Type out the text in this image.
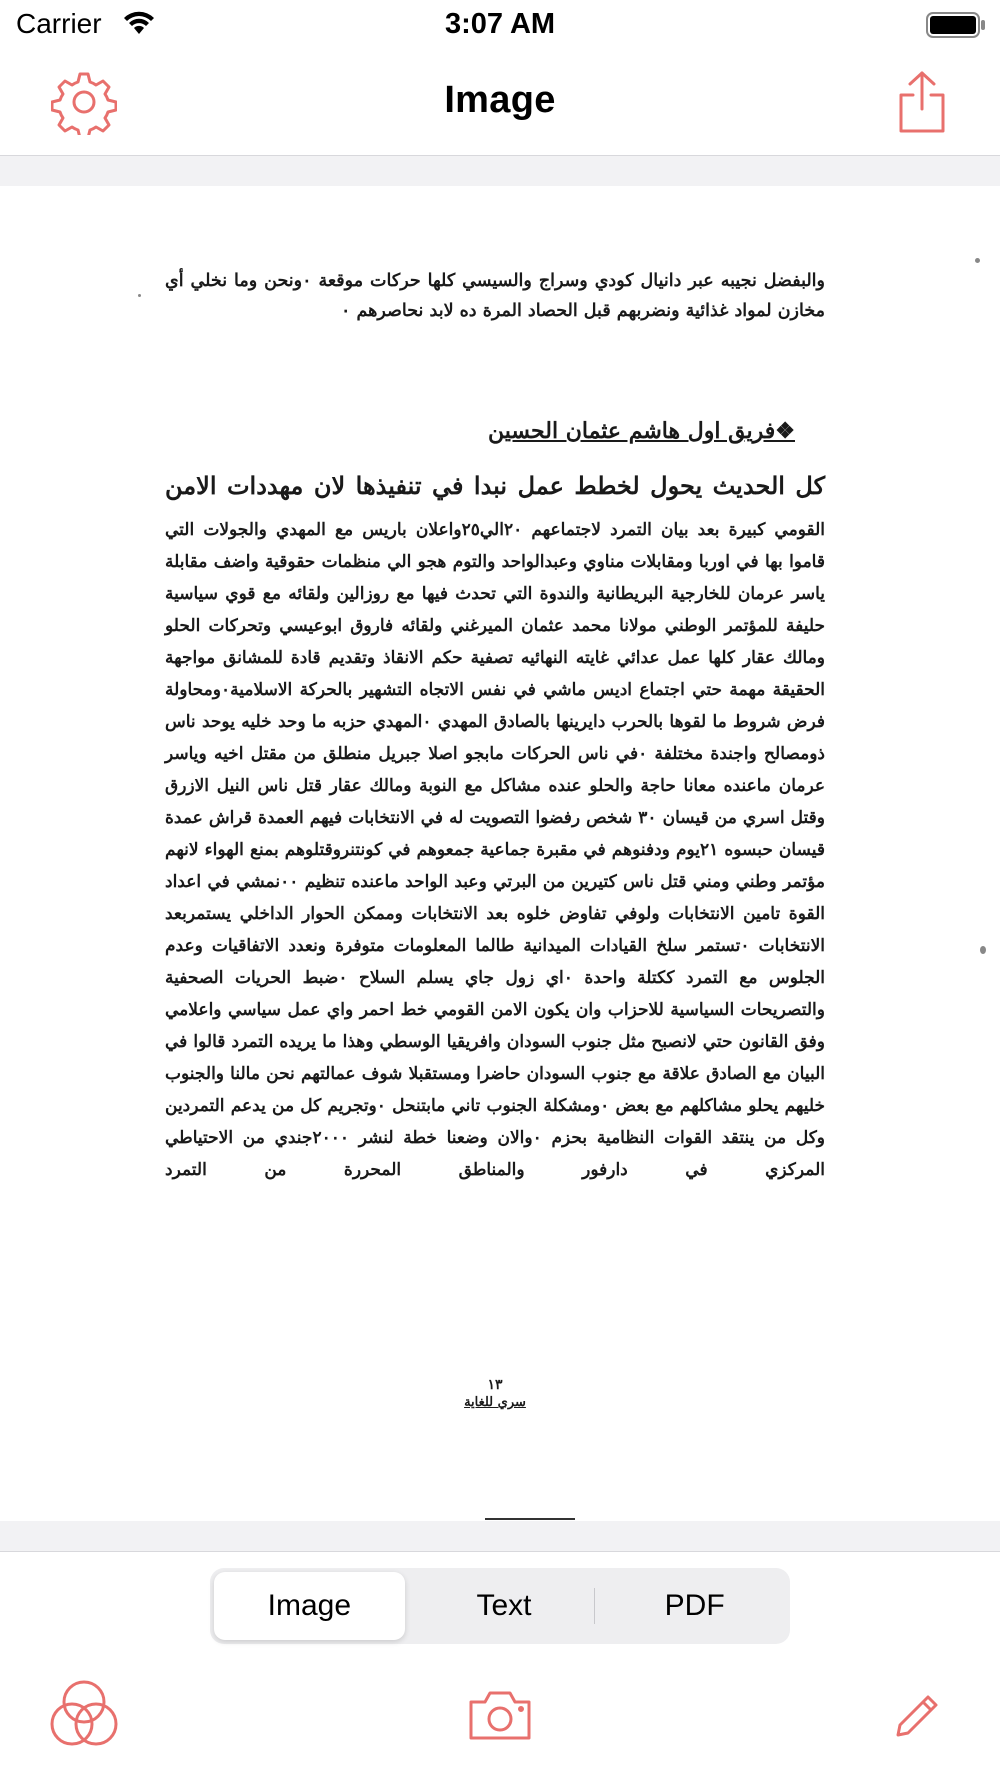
Carrier	3:07 AM
Image
والبفضل نجيبه عبر دانيال كودي وسراج والسيسي كلها حركات موقعة ٠ونحن وما نخلي أي مخازن لمواد غذائية ونضربهم قبل الحصاد المرة ده لابد نحاصرهم ٠
❖فريق اول هاشم عثمان الحسين
كل الحديث يحول لخطط عمل نبدا في تنفيذها لان مهددات الامن
القومي كبيرة بعد بيان التمرد لاجتماعهم ٢٠الي٢٥واعلان باريس مع المهدي والجولات التي قاموا بها في اوربا ومقابلات مناوي وعبدالواحد والتوم هجو الي منظمات حقوقية واضف مقابلة ياسر عرمان للخارجية البريطانية والندوة التي تحدث فيها مع روزالين ولقائه مع قوي سياسية حليفة للمؤتمر الوطني مولانا محمد عثمان الميرغني ولقائه فاروق ابوعيسي وتحركات الحلو ومالك عقار كلها عمل عدائي غايته النهائيه تصفية حكم الانقاذ وتقديم قادة للمشانق مواجهة الحقيقة مهمة حتي اجتماع اديس ماشي في نفس الاتجاه التشهير بالحركة الاسلامية٠ومحاولة فرض شروط ما لقوها بالحرب دايرينها بالصادق المهدي ٠المهدي حزبه ما وحد خليه يوحد ناس ذومصالح واجندة مختلفة ٠في ناس الحركات مابجو اصلا جبريل منطلق من مقتل اخيه وياسر عرمان ماعنده معانا حاجة والحلو عنده مشاكل مع النوبة ومالك عقار قتل ناس النيل الازرق وقتل اسري من قيسان ٣٠ شخص رفضوا التصويت له في الانتخابات فيهم العمدة قراش عمدة قيسان حبسوه ٢١يوم ودفنوهم في مقبرة جماعية جمعوهم في كونتنروقتلوهم بمنع الهواء لانهم مؤتمر وطني ومني قتل ناس كتيرين من البرتي وعبد الواحد ماعنده تنظيم ٠٠نمشي في اعداد القوة تامين الانتخابات ولوفي تفاوض خلوه بعد الانتخابات وممكن الحوار الداخلي يستمربعد الانتخابات ٠تستمر سلخ القيادات الميدانية طالما المعلومات متوفرة ونعدد الاتفاقيات وعدم الجلوس مع التمرد ككتلة واحدة ٠اي زول جاي يسلم السلاح ٠ضبط الحريات الصحفية والتصريحات السياسية للاحزاب وان يكون الامن القومي خط احمر واي عمل سياسي واعلامي وفق القانون حتي لانصبح مثل جنوب السودان وافريقيا الوسطي وهذا ما يريده التمرد قالوا في البيان مع الصادق علاقة مع جنوب السودان حاضرا ومستقبلا شوف عمالتهم نحن مالنا والجنوب خليهم يحلو مشاكلهم مع بعض ٠ومشكلة الجنوب تاني مابتنحل ٠وتجريم كل من يدعم التمردين وكل من ينتقد القوات النظامية بحزم ٠والان وضعنا خطة لنشر ٢٠٠٠جندي من الاحتياطي المركزي في دارفور والمناطق المحررة من التمرد
١٣
سري للغاية
Image	Text	PDF
